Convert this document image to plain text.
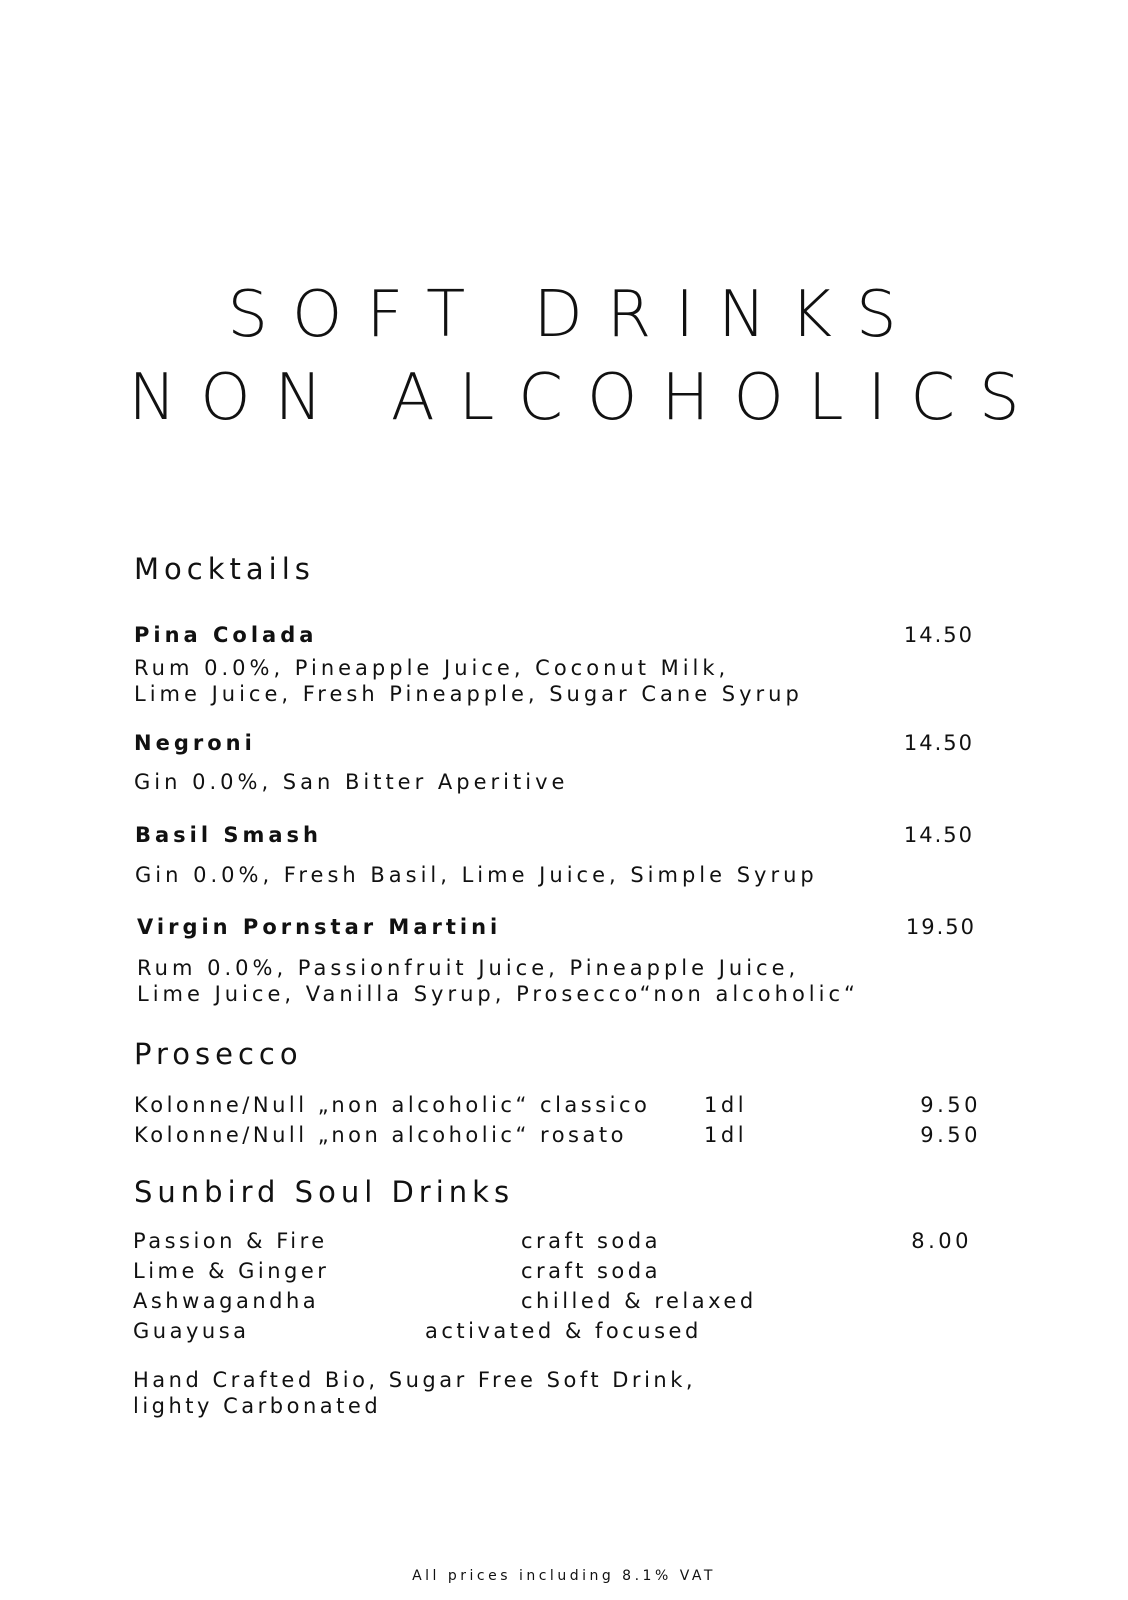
SOFT DRINKS
NON ALCOHOLICS
Mocktails
Pina Colada	14.50
Rum 0.0%, Pineapple Juice, Coconut Milk,
Lime Juice, Fresh Pineapple, Sugar Cane Syrup
Negroni	14.50
Gin 0.0%, San Bitter Aperitive
Basil Smash	14.50
Gin 0.0%, Fresh Basil, Lime Juice, Simple Syrup
Virgin Pornstar Martini	19.50
Rum 0.0%, Passionfruit Juice, Pineapple Juice,
Lime Juice, Vanilla Syrup, Prosecco“non alcoholic“
Prosecco
Kolonne/Null „non alcoholic“ classico	1dl	9.50
Kolonne/Null „non alcoholic“ rosato	1dl	9.50
Sunbird Soul Drinks
Passion & Fire	craft soda	8.00
Lime & Ginger	craft soda
Ashwagandha	chilled & relaxed
Guayusa	activated & focused
Hand Crafted Bio, Sugar Free Soft Drink,
lighty Carbonated
All prices including 8.1% VAT
